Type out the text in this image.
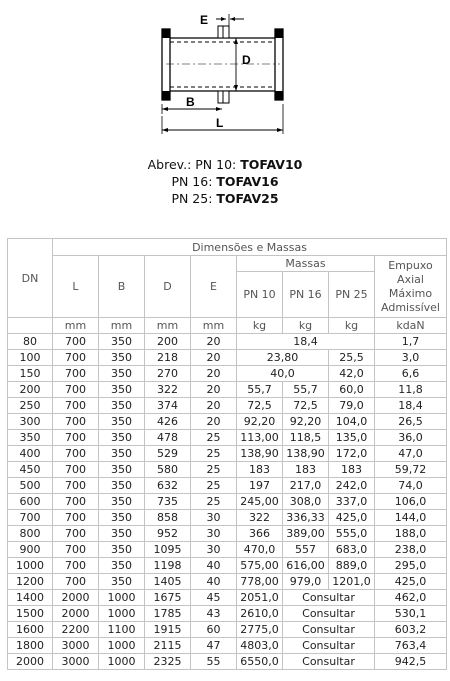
E
D
B
L
Abrev.: PN 10: TOFAV10
PN 16: TOFAV16
PN 25: TOFAV25
DN	Dimensões e Massas							
	L	B	D	E	Massas			Empuxo
Axial
Máximo
Admissível

					PN 10	PN 16	PN 25	
	mm	mm	mm	mm	kg	kg	kg	kdaN
80	700	350	200	20	18,4			1,7
100	700	350	218	20	23,80		25,5	3,0
150	700	350	270	20	40,0		42,0	6,6
200	700	350	322	20	55,7	55,7	60,0	11,8
250	700	350	374	20	72,5	72,5	79,0	18,4
300	700	350	426	20	92,20	92,20	104,0	26,5
350	700	350	478	25	113,00	118,5	135,0	36,0
400	700	350	529	25	138,90	138,90	172,0	47,0
450	700	350	580	25	183	183	183	59,72
500	700	350	632	25	197	217,0	242,0	74,0
600	700	350	735	25	245,00	308,0	337,0	106,0
700	700	350	858	30	322	336,33	425,0	144,0
800	700	350	952	30	366	389,00	555,0	188,0
900	700	350	1095	30	470,0	557	683,0	238,0
1000	700	350	1198	40	575,00	616,00	889,0	295,0
1200	700	350	1405	40	778,00	979,0	1201,0	425,0
1400	2000	1000	1675	45	2051,0	Consultar		462,0
1500	2000	1000	1785	43	2610,0	Consultar		530,1
1600	2200	1100	1915	60	2775,0	Consultar		603,2
1800	3000	1000	2115	47	4803,0	Consultar		763,4
2000	3000	1000	2325	55	6550,0	Consultar		942,5
